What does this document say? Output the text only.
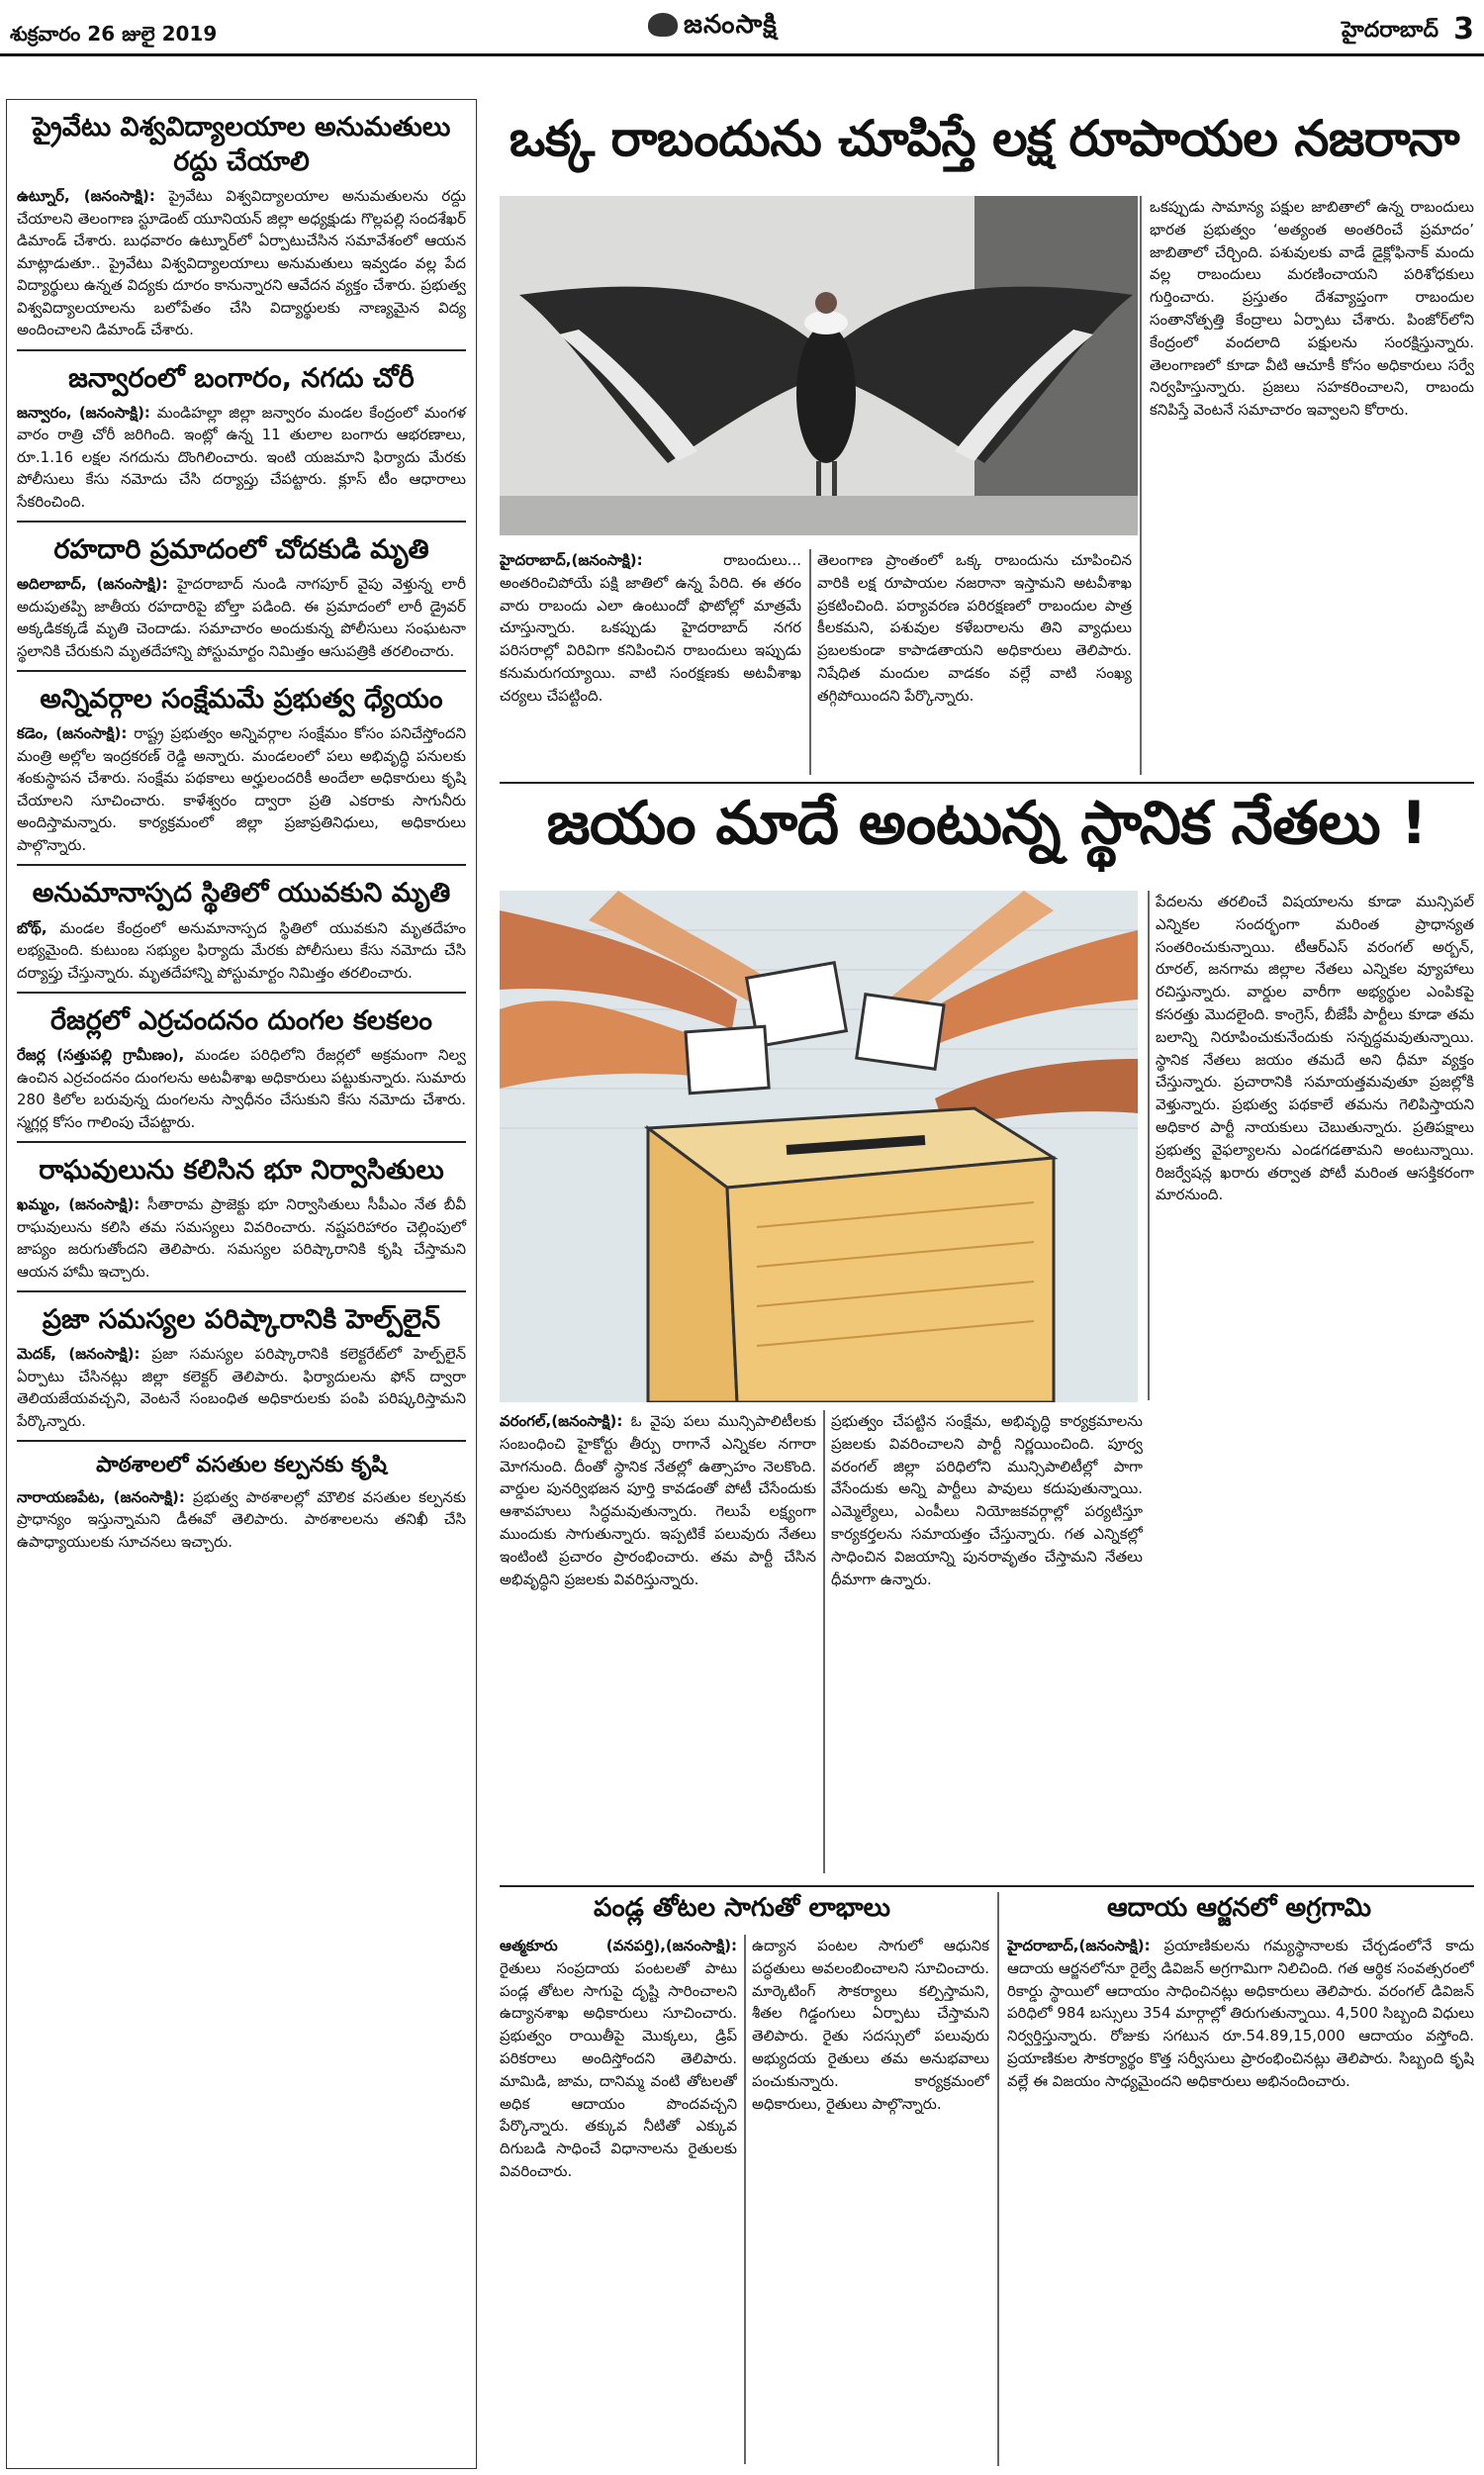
శుక్రవారం 26 జులై 2019	జనంసాక్షి	హైదరాబాద్ 3
ప్రైవేటు విశ్వవిద్యాలయాల అనుమతులు రద్దు చేయాలి

ఉట్నూర్, (జనంసాక్షి): ప్రైవేటు విశ్వవిద్యాలయాల అనుమతులను రద్దు చేయాలని తెలంగాణ స్టూడెంట్ యూనియన్ జిల్లా అధ్యక్షుడు గొల్లపల్లి సందశేఖర్ డిమాండ్ చేశారు. బుధవారం ఉట్నూర్‌లో ఏర్పాటుచేసిన సమావేశంలో ఆయన మాట్లాడుతూ.. ప్రైవేటు విశ్వవిద్యాలయాలు అనుమతులు ఇవ్వడం వల్ల పేద విద్యార్థులు ఉన్నత విద్యకు దూరం కానున్నారని ఆవేదన వ్యక్తం చేశారు. ప్రభుత్వ విశ్వవిద్యాలయాలను బలోపేతం చేసి విద్యార్థులకు నాణ్యమైన విద్య అందించాలని డిమాండ్ చేశారు.

జన్వారంలో బంగారం, నగదు చోరీ

జన్వారం, (జనంసాక్షి): మండిహల్లా జిల్లా జన్వారం మండల కేంద్రంలో మంగళ వారం రాత్రి చోరీ జరిగింది. ఇంట్లో ఉన్న 11 తులాల బంగారు ఆభరణాలు, రూ.1.16 లక్షల నగదును దొంగిలించారు. ఇంటి యజమాని ఫిర్యాదు మేరకు పోలీసులు కేసు నమోదు చేసి దర్యాప్తు చేపట్టారు. క్లూస్ టీం ఆధారాలు సేకరించింది.

రహదారి ప్రమాదంలో చోదకుడి మృతి

అదిలాబాద్, (జనంసాక్షి): హైదరాబాద్ నుండి నాగపూర్ వైపు వెళ్తున్న లారీ అదుపుతప్పి జాతీయ రహదారిపై బోల్తా పడింది. ఈ ప్రమాదంలో లారీ డ్రైవర్ అక్కడికక్కడే మృతి చెందాడు. సమాచారం అందుకున్న పోలీసులు సంఘటనా స్థలానికి చేరుకుని మృతదేహాన్ని పోస్టుమార్టం నిమిత్తం ఆసుపత్రికి తరలించారు.

అన్నివర్గాల సంక్షేమమే ప్రభుత్వ ధ్యేయం

కడెం, (జనంసాక్షి): రాష్ట్ర ప్రభుత్వం అన్నివర్గాల సంక్షేమం కోసం పనిచేస్తోందని మంత్రి అల్లోల ఇంద్రకరణ్ రెడ్డి అన్నారు. మండలంలో పలు అభివృద్ధి పనులకు శంకుస్థాపన చేశారు. సంక్షేమ పథకాలు అర్హులందరికీ అందేలా అధికారులు కృషి చేయాలని సూచించారు. కాళేశ్వరం ద్వారా ప్రతి ఎకరాకు సాగునీరు అందిస్తామన్నారు. కార్యక్రమంలో జిల్లా ప్రజాప్రతినిధులు, అధికారులు పాల్గొన్నారు.

అనుమానాస్పద స్థితిలో యువకుని మృతి

బోథ్, మండల కేంద్రంలో అనుమానాస్పద స్థితిలో యువకుని మృతదేహం లభ్యమైంది. కుటుంబ సభ్యుల ఫిర్యాదు మేరకు పోలీసులు కేసు నమోదు చేసి దర్యాప్తు చేస్తున్నారు. మృతదేహాన్ని పోస్టుమార్టం నిమిత్తం తరలించారు.

రేజర్లలో ఎర్రచందనం దుంగల కలకలం

రేజర్ల (సత్తుపల్లి గ్రామీణం), మండల పరిధిలోని రేజర్లలో అక్రమంగా నిల్వ ఉంచిన ఎర్రచందనం దుంగలను అటవీశాఖ అధికారులు పట్టుకున్నారు. సుమారు 280 కిలోల బరువున్న దుంగలను స్వాధీనం చేసుకుని కేసు నమోదు చేశారు. స్మగ్లర్ల కోసం గాలింపు చేపట్టారు.

రాఘవులును కలిసిన భూ నిర్వాసితులు

ఖమ్మం, (జనంసాక్షి): సీతారామ ప్రాజెక్టు భూ నిర్వాసితులు సీపీఎం నేత బీవీ రాఘవులును కలిసి తమ సమస్యలు వివరించారు. నష్టపరిహారం చెల్లింపులో జాప్యం జరుగుతోందని తెలిపారు. సమస్యల పరిష్కారానికి కృషి చేస్తామని ఆయన హామీ ఇచ్చారు.

ప్రజా సమస్యల పరిష్కారానికి హెల్ప్‌లైన్

మెదక్, (జనంసాక్షి): ప్రజా సమస్యల పరిష్కారానికి కలెక్టరేట్‌లో హెల్ప్‌లైన్ ఏర్పాటు చేసినట్లు జిల్లా కలెక్టర్ తెలిపారు. ఫిర్యాదులను ఫోన్ ద్వారా తెలియజేయవచ్చని, వెంటనే సంబంధిత అధికారులకు పంపి పరిష్కరిస్తామని పేర్కొన్నారు.

పాఠశాలలో వసతుల కల్పనకు కృషి

నారాయణపేట, (జనంసాక్షి): ప్రభుత్వ పాఠశాలల్లో మౌలిక వసతుల కల్పనకు ప్రాధాన్యం ఇస్తున్నామని డీఈవో తెలిపారు. పాఠశాలలను తనిఖీ చేసి ఉపాధ్యాయులకు సూచనలు ఇచ్చారు.

ఒక్క రాబందును చూపిస్తే లక్ష రూపాయల నజరానా

హైదరాబాద్,(జనంసాక్షి):	రాబందులు... అంతరించిపోయే పక్షి జాతిలో ఉన్న పేరిది. ఈ తరం వారు రాబందు ఎలా ఉంటుందో ఫొటోల్లో మాత్రమే చూస్తున్నారు. ఒకప్పుడు హైదరాబాద్ నగర పరిసరాల్లో విరివిగా కనిపించిన రాబందులు ఇప్పుడు కనుమరుగయ్యాయి. వాటి సంరక్షణకు అటవీశాఖ చర్యలు చేపట్టింది.

తెలంగాణ ప్రాంతంలో ఒక్క రాబందును చూపించిన వారికి లక్ష రూపాయల నజరానా ఇస్తామని అటవీశాఖ ప్రకటించింది. పర్యావరణ పరిరక్షణలో రాబందుల పాత్ర కీలకమని, పశువుల కళేబరాలను తిని వ్యాధులు ప్రబలకుండా కాపాడతాయని అధికారులు తెలిపారు. నిషేధిత మందుల వాడకం వల్లే వాటి సంఖ్య తగ్గిపోయిందని పేర్కొన్నారు.

ఒకప్పుడు సామాన్య పక్షుల జాబితాలో ఉన్న రాబందులు భారత ప్రభుత్వం ‘అత్యంత అంతరించే ప్రమాదం’ జాబితాలో చేర్చింది. పశువులకు వాడే డైక్లోఫినాక్ మందు వల్ల రాబందులు మరణించాయని పరిశోధకులు గుర్తించారు. ప్రస్తుతం దేశవ్యాప్తంగా రాబందుల సంతానోత్పత్తి కేంద్రాలు ఏర్పాటు చేశారు. పింజోర్‌లోని కేంద్రంలో వందలాది పక్షులను సంరక్షిస్తున్నారు. తెలంగాణలో కూడా వీటి ఆచూకీ కోసం అధికారులు సర్వే నిర్వహిస్తున్నారు. ప్రజలు సహకరించాలని, రాబందు కనిపిస్తే వెంటనే సమాచారం ఇవ్వాలని కోరారు.

జయం మాదే అంటున్న స్థానిక నేతలు !

పేదలను తరలించే విషయాలను కూడా మున్సిపల్ ఎన్నికల సందర్భంగా మరింత ప్రాధాన్యత సంతరించుకున్నాయి. టీఆర్ఎస్ వరంగల్ అర్బన్, రూరల్, జనగామ జిల్లాల నేతలు ఎన్నికల వ్యూహాలు రచిస్తున్నారు. వార్డుల వారీగా అభ్యర్థుల ఎంపికపై కసరత్తు మొదలైంది. కాంగ్రెస్, బీజేపీ పార్టీలు కూడా తమ బలాన్ని నిరూపించుకునేందుకు సన్నద్ధమవుతున్నాయి. స్థానిక నేతలు జయం తమదే అని ధీమా వ్యక్తం చేస్తున్నారు. ప్రచారానికి సమాయత్తమవుతూ ప్రజల్లోకి వెళ్తున్నారు. ప్రభుత్వ పథకాలే తమను గెలిపిస్తాయని అధికార పార్టీ నాయకులు చెబుతున్నారు. ప్రతిపక్షాలు ప్రభుత్వ వైఫల్యాలను ఎండగడతామని అంటున్నాయి. రిజర్వేషన్ల ఖరారు తర్వాత పోటీ మరింత ఆసక్తికరంగా మారనుంది.

వరంగల్,(జనంసాక్షి): ఓ వైపు పలు మున్సిపాలిటీలకు సంబంధించి హైకోర్టు తీర్పు రాగానే ఎన్నికల నగారా మోగనుంది. దీంతో స్థానిక నేతల్లో ఉత్సాహం నెలకొంది. వార్డుల పునర్విభజన పూర్తి కావడంతో పోటీ చేసేందుకు ఆశావహులు సిద్ధమవుతున్నారు. గెలుపే లక్ష్యంగా ముందుకు సాగుతున్నారు. ఇప్పటికే పలువురు నేతలు ఇంటింటి ప్రచారం ప్రారంభించారు. తమ పార్టీ చేసిన అభివృద్ధిని ప్రజలకు వివరిస్తున్నారు.

ప్రభుత్వం చేపట్టిన సంక్షేమ, అభివృద్ధి కార్యక్రమాలను ప్రజలకు వివరించాలని పార్టీ నిర్ణయించింది. పూర్వ వరంగల్ జిల్లా పరిధిలోని మున్సిపాలిటీల్లో పాగా వేసేందుకు అన్ని పార్టీలు పావులు కదుపుతున్నాయి. ఎమ్మెల్యేలు, ఎంపీలు నియోజకవర్గాల్లో పర్యటిస్తూ కార్యకర్తలను సమాయత్తం చేస్తున్నారు. గత ఎన్నికల్లో సాధించిన విజయాన్ని పునరావృతం చేస్తామని నేతలు ధీమాగా ఉన్నారు.

పండ్ల తోటల సాగుతో లాభాలు

ఆత్మకూరు (వనపర్తి),(జనంసాక్షి): రైతులు సంప్రదాయ పంటలతో పాటు పండ్ల తోటల సాగుపై దృష్టి సారించాలని ఉద్యానశాఖ అధికారులు సూచించారు. ప్రభుత్వం రాయితీపై మొక్కలు, డ్రిప్ పరికరాలు అందిస్తోందని తెలిపారు. మామిడి, జామ, దానిమ్మ వంటి తోటలతో అధిక ఆదాయం పొందవచ్చని పేర్కొన్నారు. తక్కువ నీటితో ఎక్కువ దిగుబడి సాధించే విధానాలను రైతులకు వివరించారు.

ఉద్యాన పంటల సాగులో ఆధునిక పద్ధతులు అవలంబించాలని సూచించారు. మార్కెటింగ్ సౌకర్యాలు కల్పిస్తామని, శీతల గిడ్డంగులు ఏర్పాటు చేస్తామని తెలిపారు. రైతు సదస్సులో పలువురు అభ్యుదయ రైతులు తమ అనుభవాలు పంచుకున్నారు. కార్యక్రమంలో అధికారులు, రైతులు పాల్గొన్నారు.

ఆదాయ ఆర్జనలో అగ్రగామి

హైదరాబాద్,(జనంసాక్షి): ప్రయాణికులను గమ్యస్థానాలకు చేర్చడంలోనే కాదు ఆదాయ ఆర్జనలోనూ రైల్వే డివిజన్ అగ్రగామిగా నిలిచింది. గత ఆర్థిక సంవత్సరంలో రికార్డు స్థాయిలో ఆదాయం సాధించినట్లు అధికారులు తెలిపారు. వరంగల్ డివిజన్ పరిధిలో 984 బస్సులు 354 మార్గాల్లో తిరుగుతున్నాయి. 4,500 సిబ్బంది విధులు నిర్వర్తిస్తున్నారు. రోజుకు సగటున రూ.54.89,15,000 ఆదాయం వస్తోంది. ప్రయాణికుల సౌకర్యార్థం కొత్త సర్వీసులు ప్రారంభించినట్లు తెలిపారు. సిబ్బంది కృషి వల్లే ఈ విజయం సాధ్యమైందని అధికారులు అభినందించారు.
